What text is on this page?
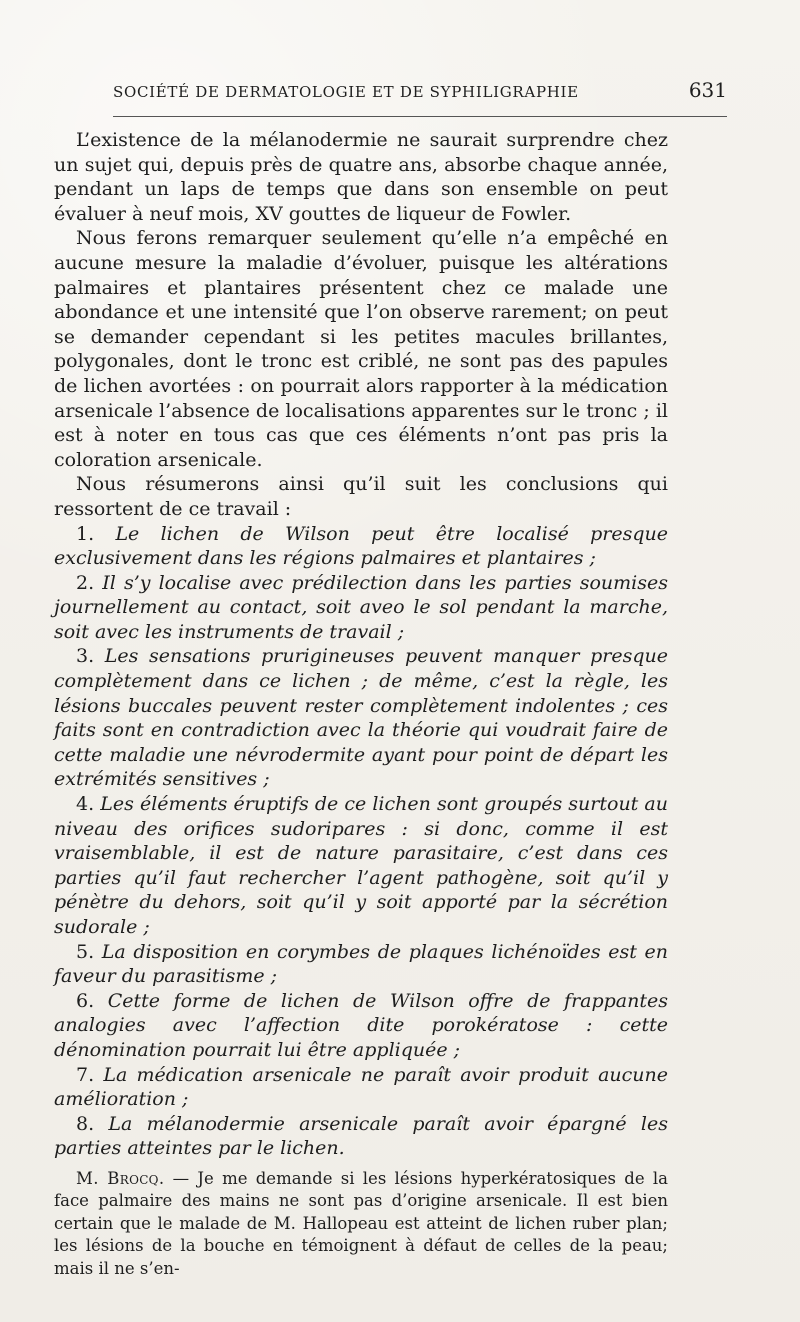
SOCIÉTÉ DE DERMATOLOGIE ET DE SYPHILIGRAPHIE	631

L’existence de la mélanodermie ne saurait surprendre chez un sujet qui, depuis près de quatre ans, absorbe chaque année, pendant un laps de temps que dans son ensemble on peut évaluer à neuf mois, XV gouttes de liqueur de Fowler.

Nous ferons remarquer seulement qu’elle n’a empêché en aucune mesure la maladie d’évoluer, puisque les altérations palmaires et plantaires présentent chez ce malade une abondance et une intensité que l’on observe rarement; on peut se demander cependant si les petites macules brillantes, polygonales, dont le tronc est criblé, ne sont pas des papules de lichen avortées : on pourrait alors rapporter à la médication arsenicale l’absence de localisations apparentes sur le tronc ; il est à noter en tous cas que ces éléments n’ont pas pris la coloration arsenicale.

Nous résumerons ainsi qu’il suit les conclusions qui ressortent de ce travail :

1. Le lichen de Wilson peut être localisé presque exclusivement dans les régions palmaires et plantaires ;

2. Il s’y localise avec prédilection dans les parties soumises journellement au contact, soit aveo le sol pendant la marche, soit avec les instruments de travail ;

3. Les sensations prurigineuses peuvent manquer presque complètement dans ce lichen ; de même, c’est la règle, les lésions buccales peuvent rester complètement indolentes ; ces faits sont en contradiction avec la théorie qui voudrait faire de cette maladie une névrodermite ayant pour point de départ les extrémités sensitives ;

4. Les éléments éruptifs de ce lichen sont groupés surtout au niveau des orifices sudoripares : si donc, comme il est vraisemblable, il est de nature parasitaire, c’est dans ces parties qu’il faut rechercher l’agent pathogène, soit qu’il y pénètre du dehors, soit qu’il y soit apporté par la sécrétion sudorale ;

5. La disposition en corymbes de plaques lichénoïdes est en faveur du parasitisme ;

6. Cette forme de lichen de Wilson offre de frappantes analogies avec l’affection dite porokératose : cette dénomination pourrait lui être appliquée ;

7. La médication arsenicale ne paraît avoir produit aucune amélioration ;

8. La mélanodermie arsenicale paraît avoir épargné les parties atteintes par le lichen.

M. Brocq. — Je me demande si les lésions hyperkératosiques de la face palmaire des mains ne sont pas d’origine arsenicale. Il est bien certain que le malade de M. Hallopeau est atteint de lichen ruber plan; les lésions de la bouche en témoignent à défaut de celles de la peau; mais il ne s’en-
